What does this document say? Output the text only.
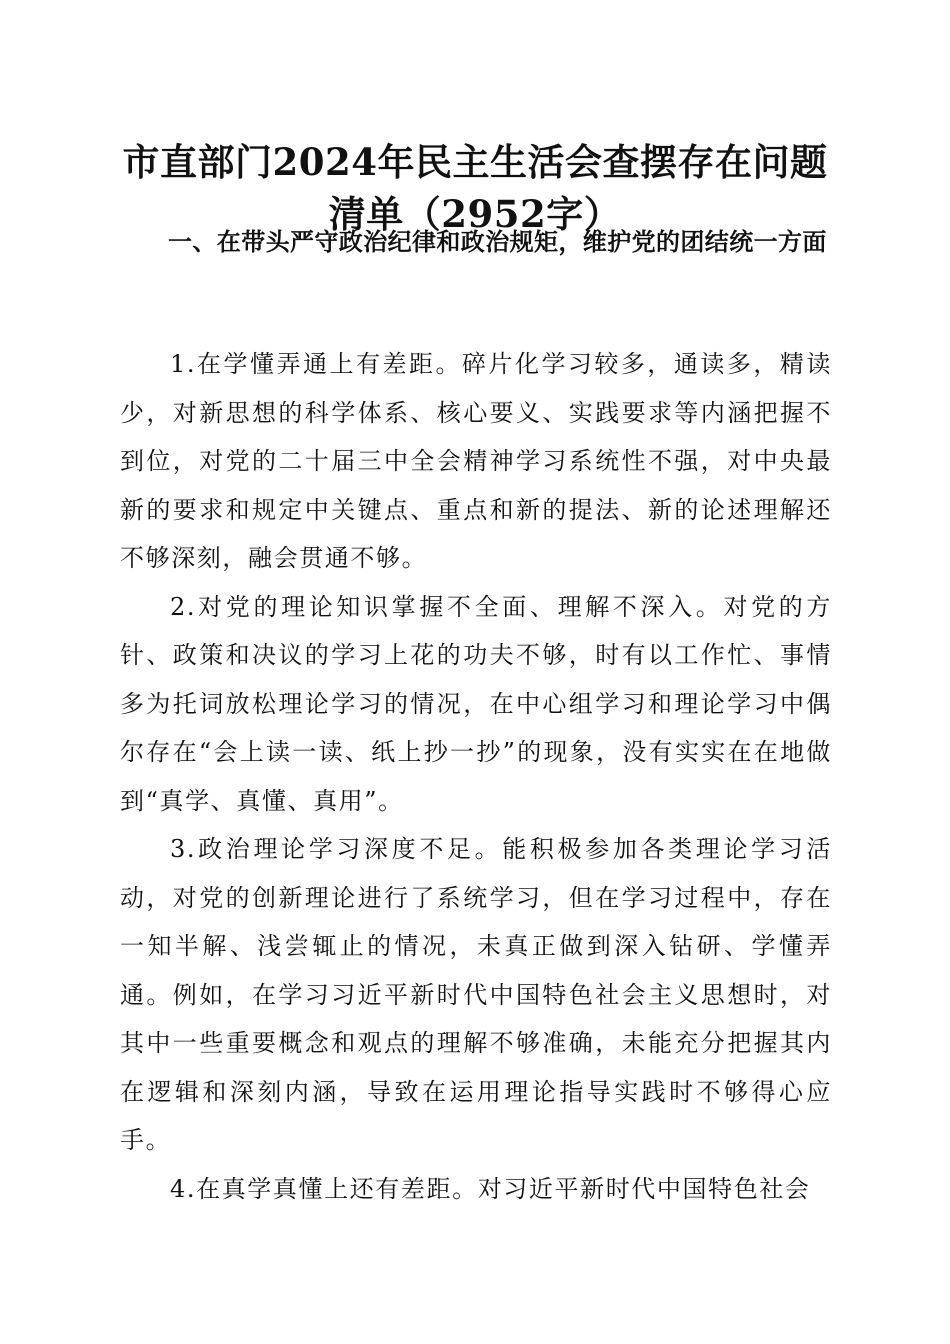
市直部门2024年民主生活会查摆存在问题清单（2952字）
一、在带头严守政治纪律和政治规矩，维护党的团结统一方面

1.在学懂弄通上有差距。碎片化学习较多，通读多，精读少，对新思想的科学体系、核心要义、实践要求等内涵把握不到位，对党的二十届三中全会精神学习系统性不强，对中央最新的要求和规定中关键点、重点和新的提法、新的论述理解还不够深刻，融会贯通不够。

2.对党的理论知识掌握不全面、理解不深入。对党的方针、政策和决议的学习上花的功夫不够，时有以工作忙、事情多为托词放松理论学习的情况，在中心组学习和理论学习中偶尔存在“会上读一读、纸上抄一抄”的现象，没有实实在在地做到“真学、真懂、真用”。

3.政治理论学习深度不足。能积极参加各类理论学习活动，对党的创新理论进行了系统学习，但在学习过程中，存在一知半解、浅尝辄止的情况，未真正做到深入钻研、学懂弄通。例如，在学习习近平新时代中国特色社会主义思想时，对其中一些重要概念和观点的理解不够准确，未能充分把握其内在逻辑和深刻内涵，导致在运用理论指导实践时不够得心应手。

4.在真学真懂上还有差距。对习近平新时代中国特色社会
